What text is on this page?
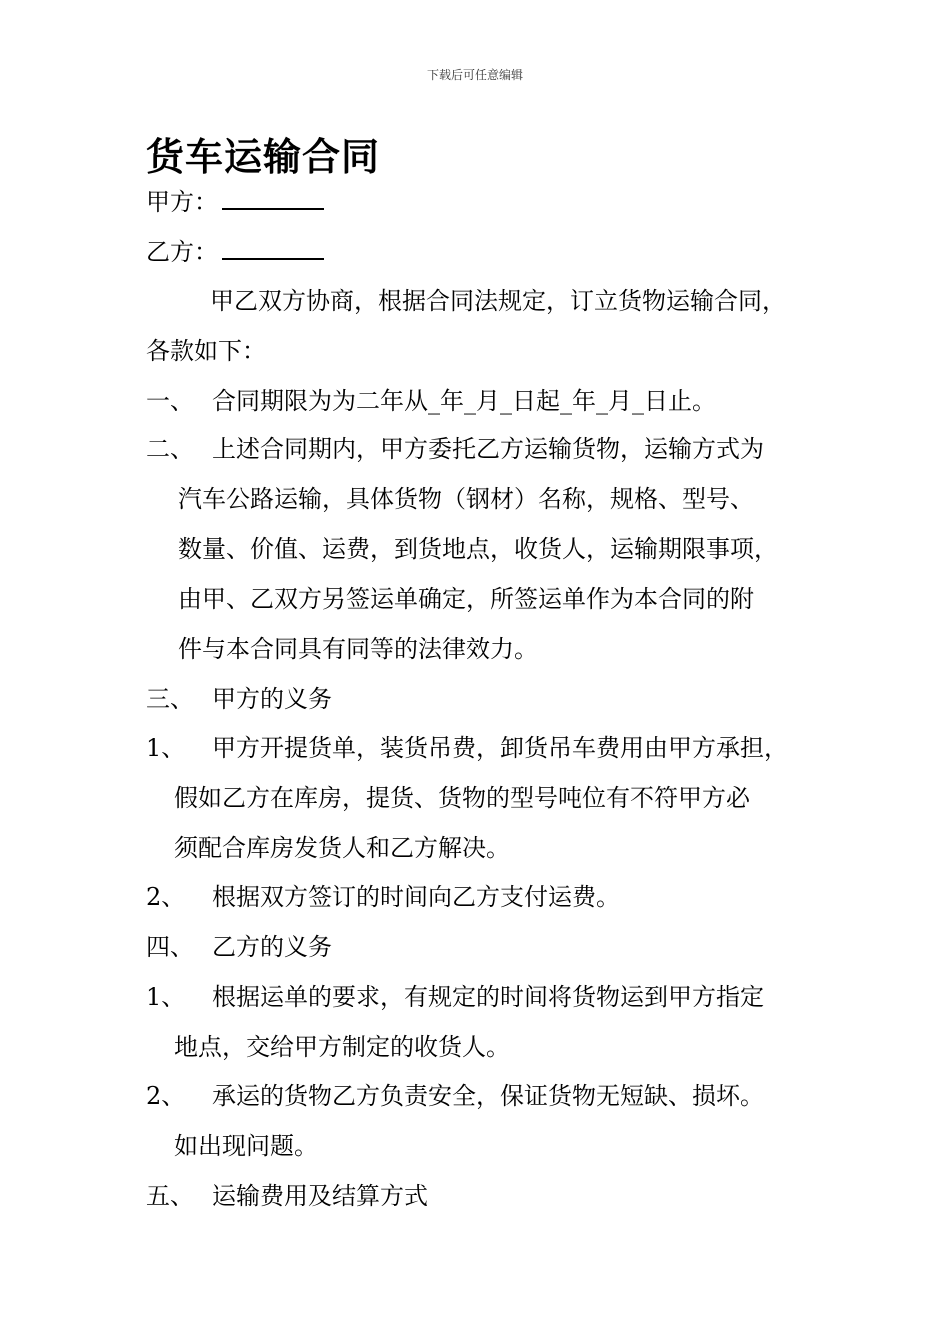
下载后可任意编辑
货车运输合同
甲方：
乙方：
甲乙双方协商，根据合同法规定，订立货物运输合同，
各款如下：
一、 合同期限为为二年从_年_月_日起_年_月_日止。
二、 上述合同期内，甲方委托乙方运输货物，运输方式为
汽车公路运输，具体货物（钢材）名称，规格、型号、
数量、价值、运费，到货地点，收货人，运输期限事项，
由甲、乙双方另签运单确定，所签运单作为本合同的附
件与本合同具有同等的法律效力。
三、 甲方的义务
1、 甲方开提货单，装货吊费，卸货吊车费用由甲方承担，
假如乙方在库房，提货、货物的型号吨位有不符甲方必
须配合库房发货人和乙方解决。
2、 根据双方签订的时间向乙方支付运费。
四、 乙方的义务
1、 根据运单的要求，有规定的时间将货物运到甲方指定
地点，交给甲方制定的收货人。
2、 承运的货物乙方负责安全，保证货物无短缺、损坏。
如出现问题。
五、 运输费用及结算方式
